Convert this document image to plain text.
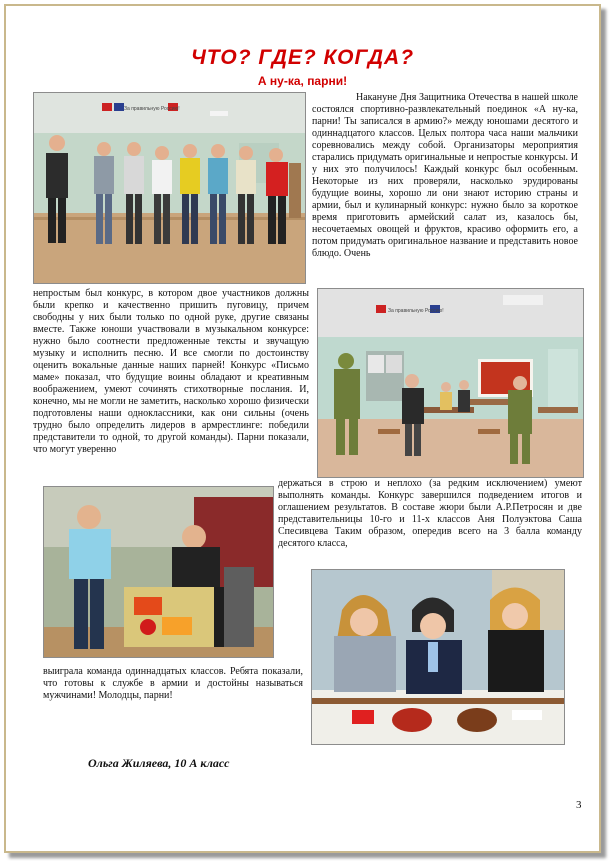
ЧТО? ГДЕ? КОГДА?
А ну-ка, парни!
За правильную Россию!
За правильную Россию!

Накануне Дня Защитника Отечества в нашей школе состоялся спортивно-развлекательный поединок «А ну-ка, парни! Ты записался в армию?» между юношами десятого и одиннадцатого классов. Целых полтора часа наши мальчики соревновались между собой. Организаторы мероприятия старались придумать оригинальные и непростые конкурсы. И у них это получилось! Каждый конкурс был особенным. Некоторые из них проверяли, насколько эрудированы будущие воины, хорошо ли они знают историю страны и армии, был и кулинарный конкурс: нужно было за короткое время приготовить армейский салат из, казалось бы, несочетаемых овощей и фруктов, красиво оформить его, а потом придумать оригинальное название и представить новое блюдо. Очень

непростым был конкурс, в котором двое участников должны были крепко и качественно пришить пуговицу, причем свободны у них были только по одной руке, другие связаны вместе. Также юноши участвовали в музыкальном конкурсе: нужно было соотнести предложенные тексты и звучащую музыку и исполнить песню. И все смогли по достоинству оценить вокальные данные наших парней! Конкурс «Письмо маме» показал, что будущие воины обладают и креативным воображением, умеют сочинять стихотворные послания. И, конечно, мы не могли не заметить, насколько хорошо физически подготовлены наши одноклассники, как они сильны (очень трудно было определить лидеров в армрестлинге: победили представители то одной, то другой команды). Парни показали, что могут уверенно

держаться в строю и неплохо (за редким исключением) умеют выполнять команды. Конкурс завершился подведением итогов и оглашением результатов. В составе жюри были А.Р.Петросян и две представительницы 10-го и 11-х классов Аня Полуэктова Саша Спесивцева Таким образом, опередив всего на 3 балла команду десятого класса,

выиграла команда одиннадцатых классов. Ребята показали, что готовы к службе в армии и достойны называться мужчинами! Молодцы, парни!

Ольга Жиляева, 10 А класс
3
